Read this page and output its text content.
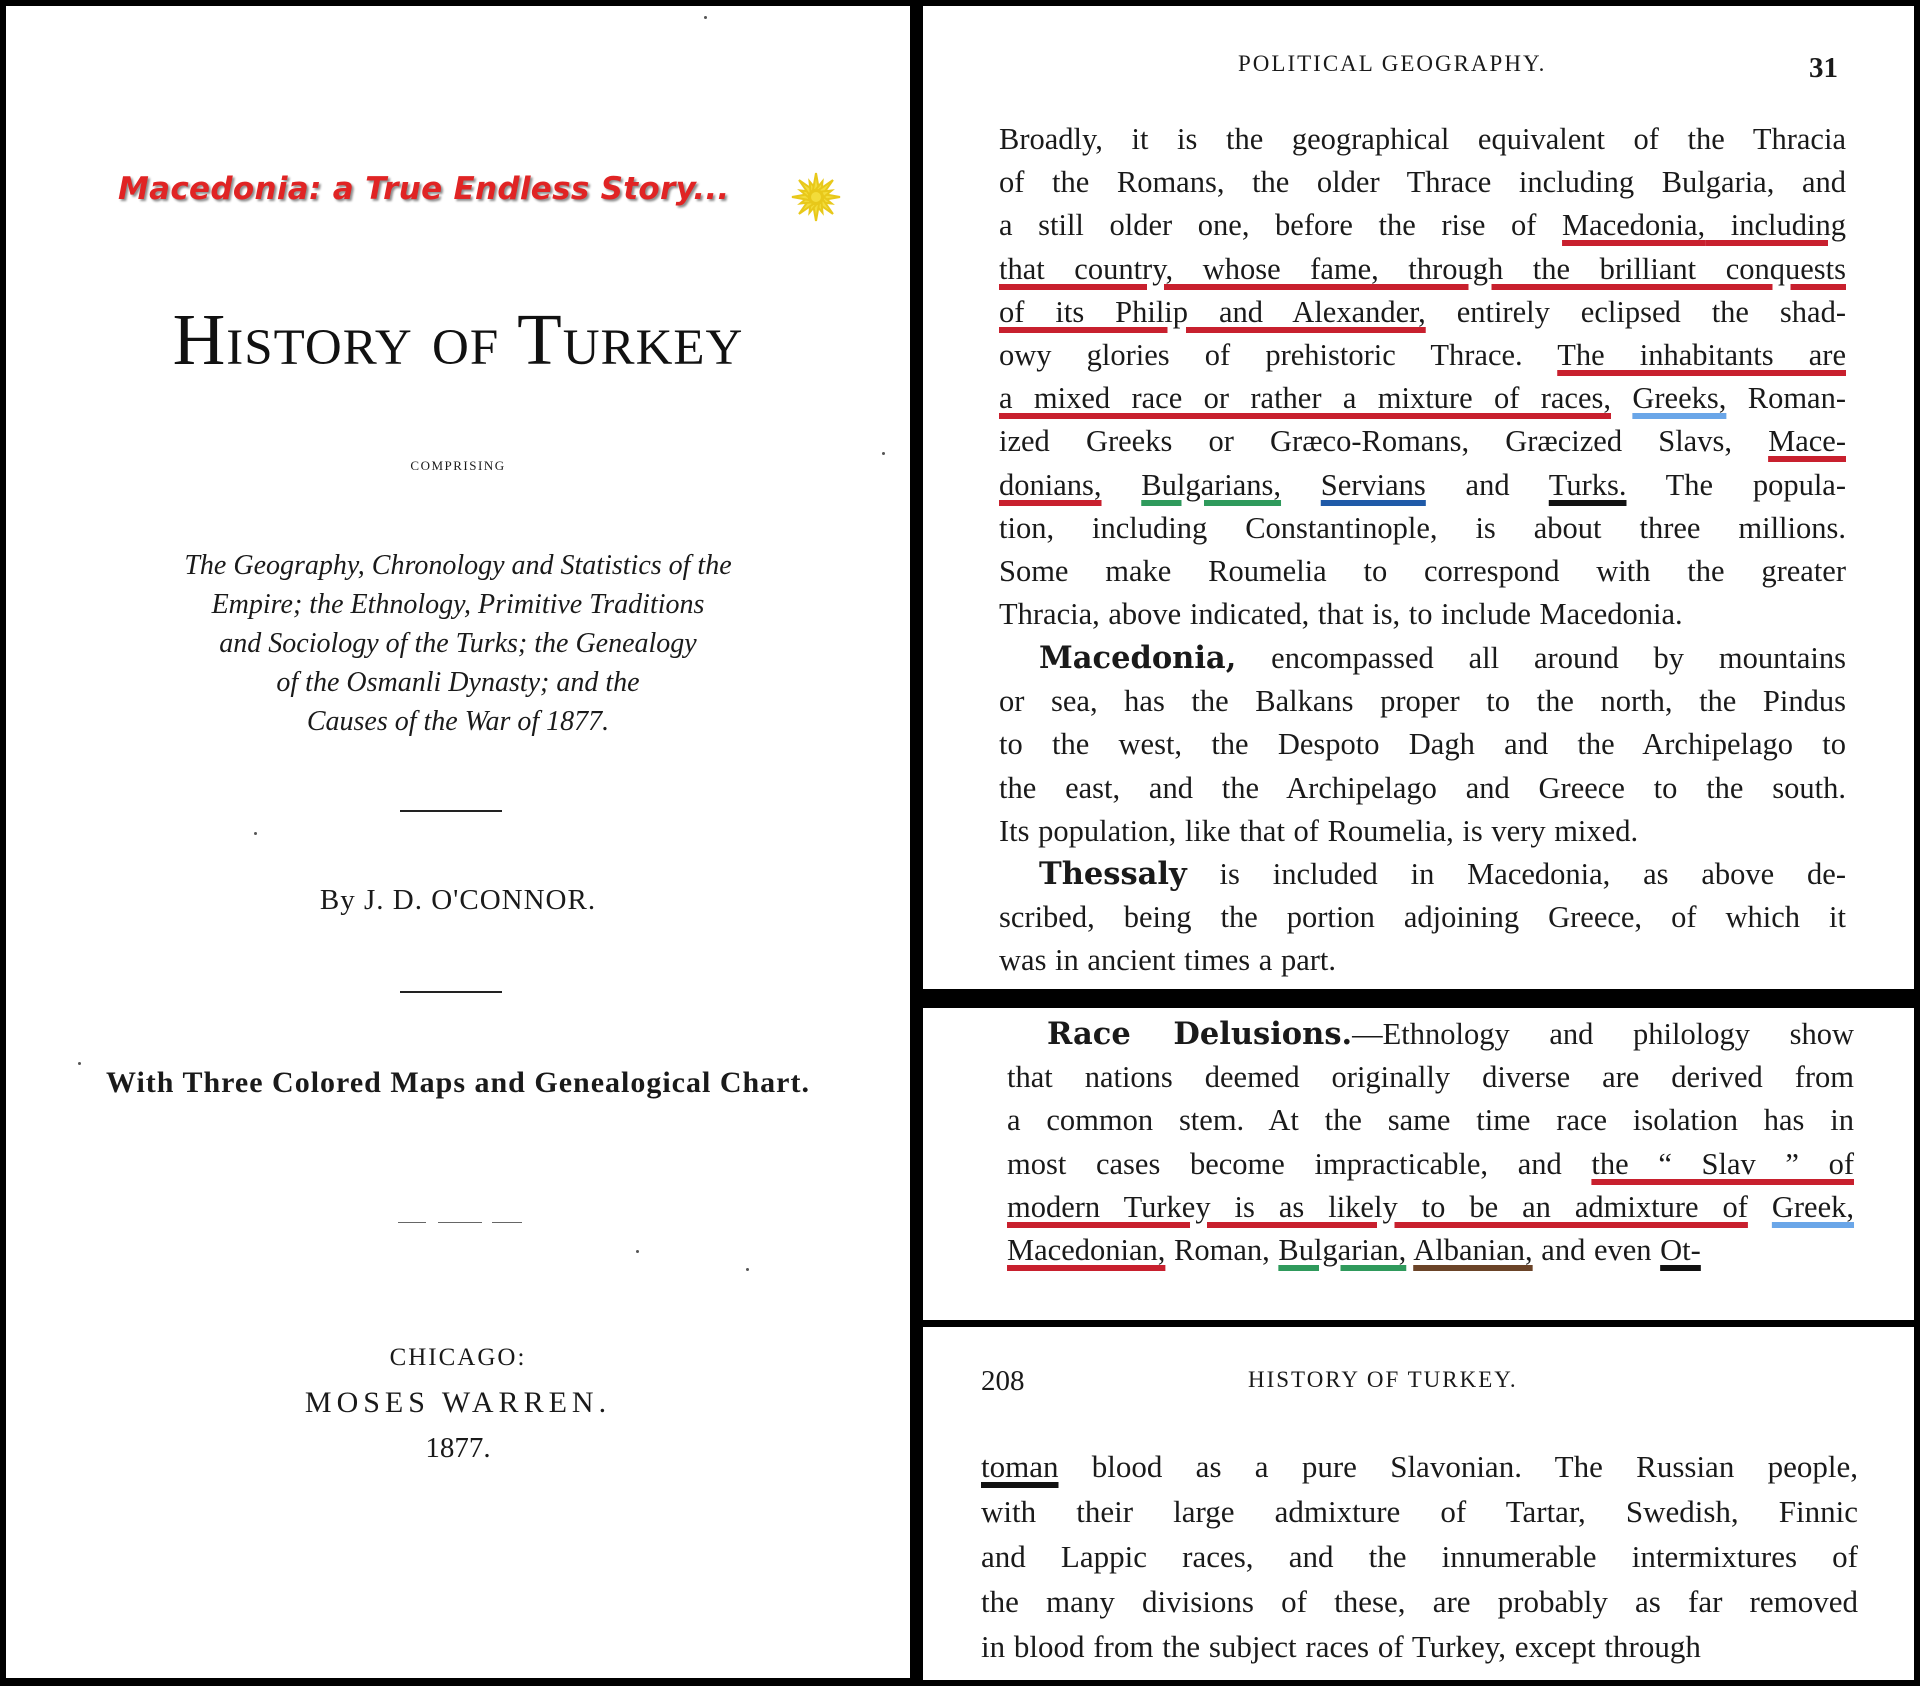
Macedonia: a True Endless Story...
History of Turkey
comprising
The Geography, Chronology and Statistics of the
Empire; the Ethnology, Primitive Traditions
and Sociology of the Turks; the Genealogy
of the Osmanli Dynasty; and the
Causes of the War of 1877.
By J. D. O'CONNOR.
With Three Colored Maps and Genealogical Chart.
CHICAGO:
MOSES WARREN.
1877.
POLITICAL GEOGRAPHY.	31
Broadly, it is the geographical equivalent of the Thracia
of the Romans, the older Thrace including Bulgaria, and
a still older one, before the rise of Macedonia, including
that country, whose fame, through the brilliant conquests
of its Philip and Alexander, entirely eclipsed the shad-
owy glories of prehistoric Thrace. The inhabitants are
a mixed race or rather a mixture of races, Greeks, Roman-
ized Greeks or Græco-Romans, Græcized Slavs, Mace-
donians, Bulgarians, Servians and Turks. The popula-
tion, including Constantinople, is about three millions.
Some make Roumelia to correspond with the greater
Thracia, above indicated, that is, to include Macedonia.
Macedonia, encompassed all around by mountains
or sea, has the Balkans proper to the north, the Pindus
to the west, the Despoto Dagh and the Archipelago to
the east, and the Archipelago and Greece to the south.
Its population, like that of Roumelia, is very mixed.
Thessaly is included in Macedonia, as above de-
scribed, being the portion adjoining Greece, of which it
was in ancient times a part.
Race Delusions.—Ethnology and philology show
that nations deemed originally diverse are derived from
a common stem. At the same time race isolation has in
most cases become impracticable, and the “ Slav ” of
modern Turkey is as likely to be an admixture of Greek,
Macedonian, Roman, Bulgarian, Albanian, and even Ot-
208	HISTORY OF TURKEY.
toman blood as a pure Slavonian. The Russian people,
with their large admixture of Tartar, Swedish, Finnic
and Lappic races, and the innumerable intermixtures of
the many divisions of these, are probably as far removed
in blood from the subject races of Turkey, except through
